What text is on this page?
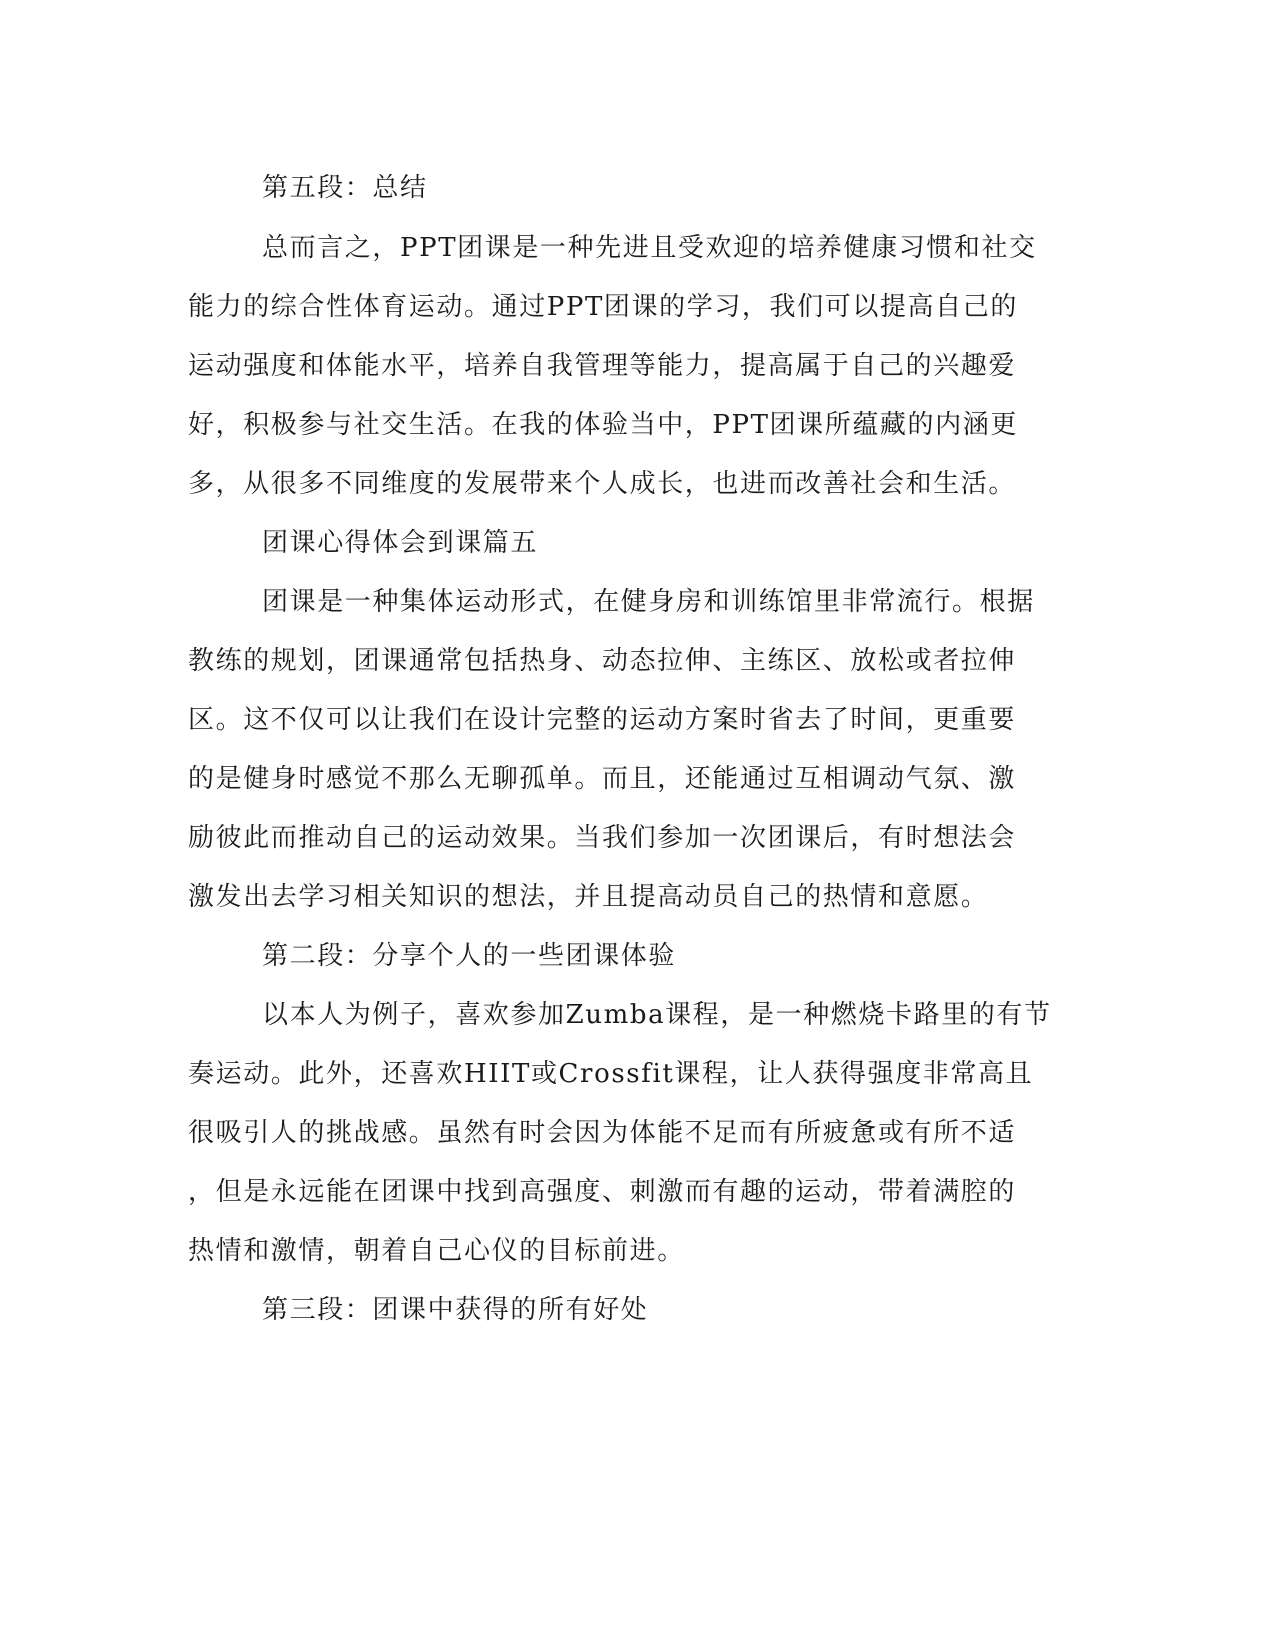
第五段：总结
总而言之，PPT团课是一种先进且受欢迎的培养健康习惯和社交
能力的综合性体育运动。通过PPT团课的学习，我们可以提高自己的
运动强度和体能水平，培养自我管理等能力，提高属于自己的兴趣爱
好，积极参与社交生活。在我的体验当中，PPT团课所蕴藏的内涵更
多，从很多不同维度的发展带来个人成长，也进而改善社会和生活。
团课心得体会到课篇五
团课是一种集体运动形式，在健身房和训练馆里非常流行。根据
教练的规划，团课通常包括热身、动态拉伸、主练区、放松或者拉伸
区。这不仅可以让我们在设计完整的运动方案时省去了时间，更重要
的是健身时感觉不那么无聊孤单。而且，还能通过互相调动气氛、激
励彼此而推动自己的运动效果。当我们参加一次团课后，有时想法会
激发出去学习相关知识的想法，并且提高动员自己的热情和意愿。
第二段：分享个人的一些团课体验
以本人为例子，喜欢参加Zumba课程，是一种燃烧卡路里的有节
奏运动。此外，还喜欢HIIT或Crossfit课程，让人获得强度非常高且
很吸引人的挑战感。虽然有时会因为体能不足而有所疲惫或有所不适
，但是永远能在团课中找到高强度、刺激而有趣的运动，带着满腔的
热情和激情，朝着自己心仪的目标前进。
第三段：团课中获得的所有好处
